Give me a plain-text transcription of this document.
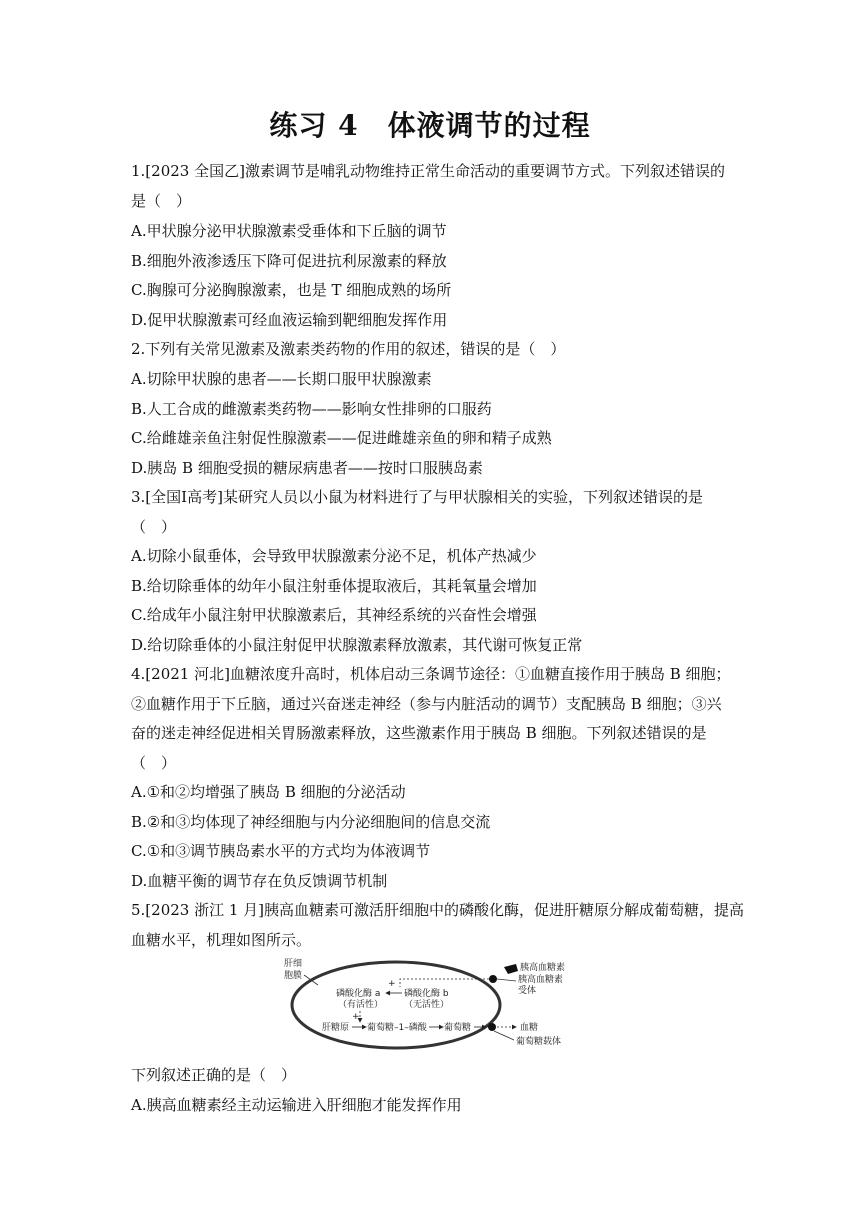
练习 4　体液调节的过程
1.[2023 全国乙]激素调节是哺乳动物维持正常生命活动的重要调节方式。下列叙述错误的
是（　）
A.甲状腺分泌甲状腺激素受垂体和下丘脑的调节
B.细胞外液渗透压下降可促进抗利尿激素的释放
C.胸腺可分泌胸腺激素，也是 T 细胞成熟的场所
D.促甲状腺激素可经血液运输到靶细胞发挥作用
2.下列有关常见激素及激素类药物的作用的叙述，错误的是（　）
A.切除甲状腺的患者——长期口服甲状腺激素
B.人工合成的雌激素类药物——影响女性排卵的口服药
C.给雌雄亲鱼注射促性腺激素——促进雌雄亲鱼的卵和精子成熟
D.胰岛 B 细胞受损的糖尿病患者——按时口服胰岛素
3.[全国Ⅰ高考]某研究人员以小鼠为材料进行了与甲状腺相关的实验，下列叙述错误的是
（　）
A.切除小鼠垂体，会导致甲状腺激素分泌不足，机体产热减少
B.给切除垂体的幼年小鼠注射垂体提取液后，其耗氧量会增加
C.给成年小鼠注射甲状腺激素后，其神经系统的兴奋性会增强
D.给切除垂体的小鼠注射促甲状腺激素释放激素，其代谢可恢复正常
4.[2021 河北]血糖浓度升高时，机体启动三条调节途径：①血糖直接作用于胰岛 B 细胞；
②血糖作用于下丘脑，通过兴奋迷走神经（参与内脏活动的调节）支配胰岛 B 细胞；③兴
奋的迷走神经促进相关胃肠激素释放，这些激素作用于胰岛 B 细胞。下列叙述错误的是
（　）
A.①和②均增强了胰岛 B 细胞的分泌活动
B.②和③均体现了神经细胞与内分泌细胞间的信息交流
C.①和③调节胰岛素水平的方式均为体液调节
D.血糖平衡的调节存在负反馈调节机制
5.[2023 浙江 1 月]胰高血糖素可激活肝细胞中的磷酸化酶，促进肝糖原分解成葡萄糖，提高
血糖水平，机理如图所示。
肝细
胞膜
胰高血糖素
胰高血糖素
受体
+
磷酸化酶 a
（有活性）
磷酸化酶 b
（无活性）
+
肝糖原 葡萄糖–1–磷酸 葡萄糖	血糖
葡萄糖载体
下列叙述正确的是（　）
A.胰高血糖素经主动运输进入肝细胞才能发挥作用
